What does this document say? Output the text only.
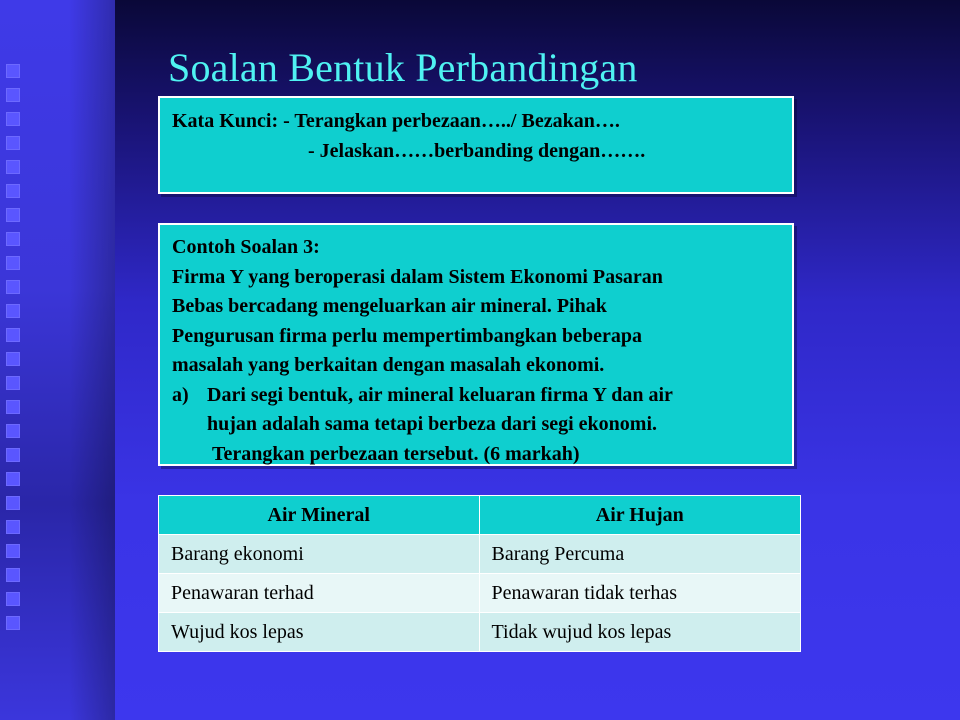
Soalan Bentuk Perbandingan
Kata Kunci: - Terangkan perbezaan…../ Bezakan….
- Jelaskan……berbanding dengan…….
Contoh Soalan 3:
Firma Y yang beroperasi dalam Sistem Ekonomi Pasaran
Bebas bercadang mengeluarkan air mineral. Pihak
Pengurusan firma perlu mempertimbangkan beberapa
masalah yang berkaitan dengan masalah ekonomi.
a) Dari segi bentuk, air mineral keluaran firma Y dan air
hujan adalah sama tetapi berbeza dari segi ekonomi.
Terangkan perbezaan tersebut. (6 markah)
Air Mineral	Air Hujan
Barang ekonomi	Barang Percuma
Penawaran terhad	Penawaran tidak terhas
Wujud kos lepas	Tidak wujud kos lepas
